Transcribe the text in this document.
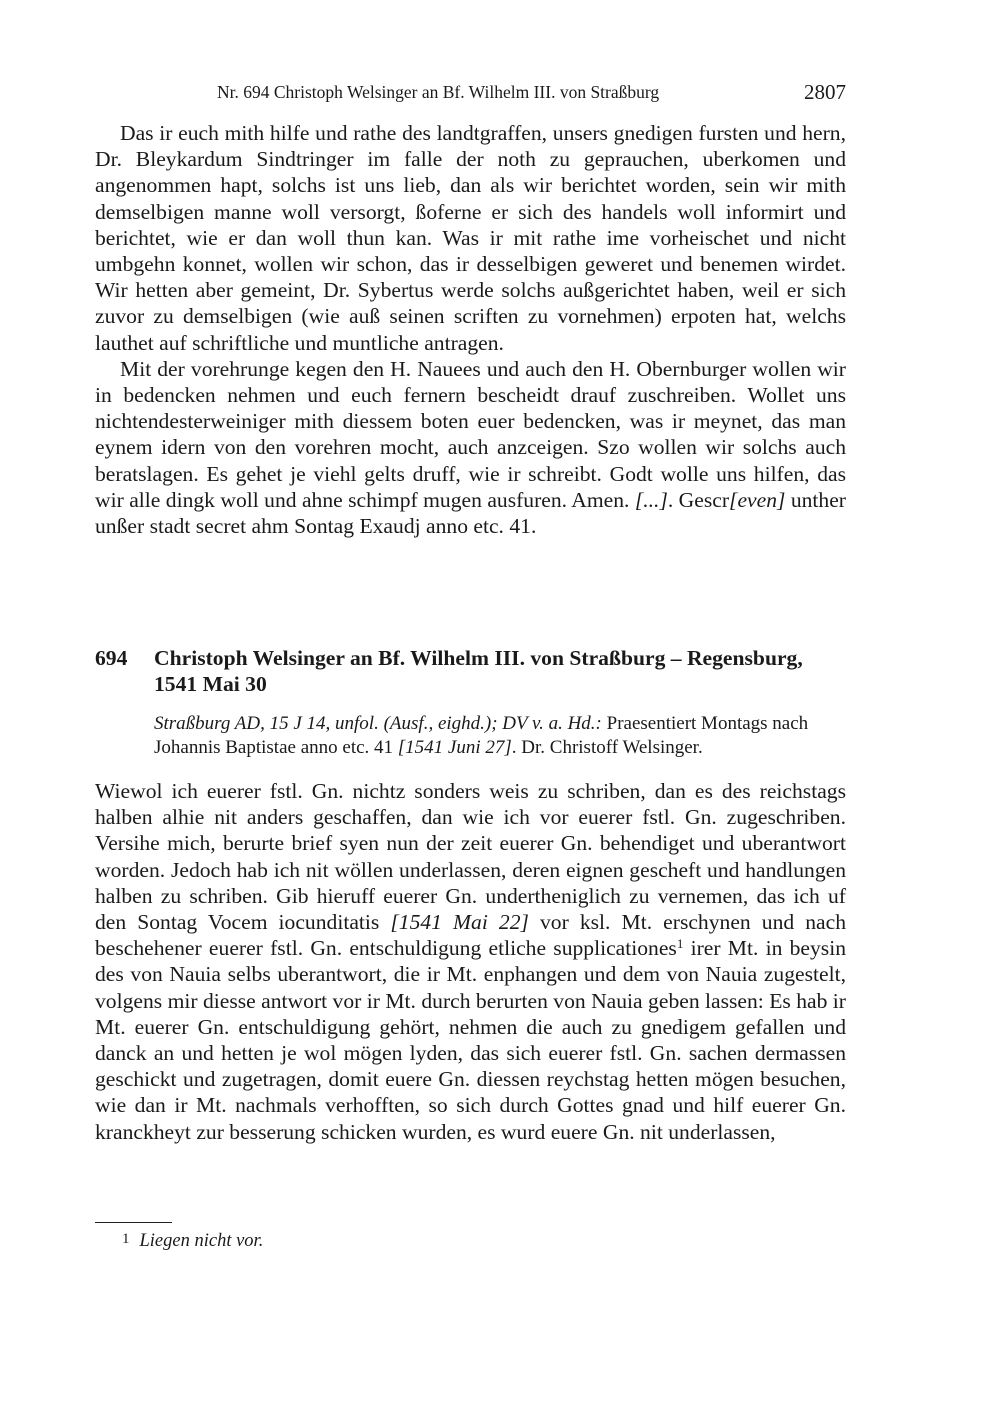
Nr. 694 Christoph Welsinger an Bf. Wilhelm III. von Straßburg	2807

Das ir euch mith hilfe und rathe des landtgraffen, unsers gnedigen fursten und hern, Dr. Bleykardum Sindtringer im falle der noth zu geprauchen, uberkomen und angenommen hapt, solchs ist uns lieb, dan als wir berichtet worden, sein wir mith demselbigen manne woll versorgt, ßoferne er sich des handels woll informirt und berichtet, wie er dan woll thun kan. Was ir mit rathe ime vorheischet und nicht umbgehn konnet, wollen wir schon, das ir desselbigen geweret und benemen wirdet. Wir hetten aber gemeint, Dr. Sybertus werde solchs außgerichtet haben, weil er sich zuvor zu demselbigen (wie auß seinen scriften zu vornehmen) erpoten hat, welchs lauthet auf schriftliche und muntliche antragen.

Mit der vorehrunge kegen den H. Nauees und auch den H. Obernburger wollen wir in bedencken nehmen und euch fernern bescheidt drauf zuschreiben. Wollet uns nichtendesterweiniger mith diessem boten euer bedencken, was ir meynet, das man eynem idern von den vorehren mocht, auch anzceigen. Szo wollen wir solchs auch beratslagen. Es gehet je viehl gelts druff, wie ir schreibt. Godt wolle uns hilfen, das wir alle dingk woll und ahne schimpf mugen ausfuren. Amen. [...]. Gescr[even] unther unßer stadt secret ahm Sontag Exaudj anno etc. 41.

694 Christoph Welsinger an Bf. Wilhelm III. von Straßburg – Regensburg, 1541 Mai 30
Straßburg AD, 15 J 14, unfol. (Ausf., eighd.); DV v. a. Hd.: Praesentiert Montags nach Johannis Baptistae anno etc. 41 [1541 Juni 27]. Dr. Christoff Welsinger.

Wiewol ich euerer fstl. Gn. nichtz sonders weis zu schriben, dan es des reichstags halben alhie nit anders geschaffen, dan wie ich vor euerer fstl. Gn. zugeschriben. Versihe mich, berurte brief syen nun der zeit euerer Gn. behendiget und uberantwort worden. Jedoch hab ich nit wöllen underlassen, deren eignen gescheft und handlungen halben zu schriben. Gib hieruff euerer Gn. undertheniglich zu vernemen, das ich uf den Sontag Vocem iocunditatis [1541 Mai 22] vor ksl. Mt. erschynen und nach beschehener euerer fstl. Gn. entschuldigung etliche supplicationes$^1$ irer Mt. in beysin des von Nauia selbs uberantwort, die ir Mt. enphangen und dem von Nauia zugestelt, volgens mir diesse antwort vor ir Mt. durch berurten von Nauia geben lassen: Es hab ir Mt. euerer Gn. entschuldigung gehört, nehmen die auch zu gnedigem gefallen und danck an und hetten je wol mögen lyden, das sich euerer fstl. Gn. sachen dermassen geschickt und zugetragen, domit euere Gn. diessen reychstag hetten mögen besuchen, wie dan ir Mt. nachmals verhofften, so sich durch Gottes gnad und hilf euerer Gn. kranckheyt zur besserung schicken wurden, es wurd euere Gn. nit underlassen,

1 Liegen nicht vor.
